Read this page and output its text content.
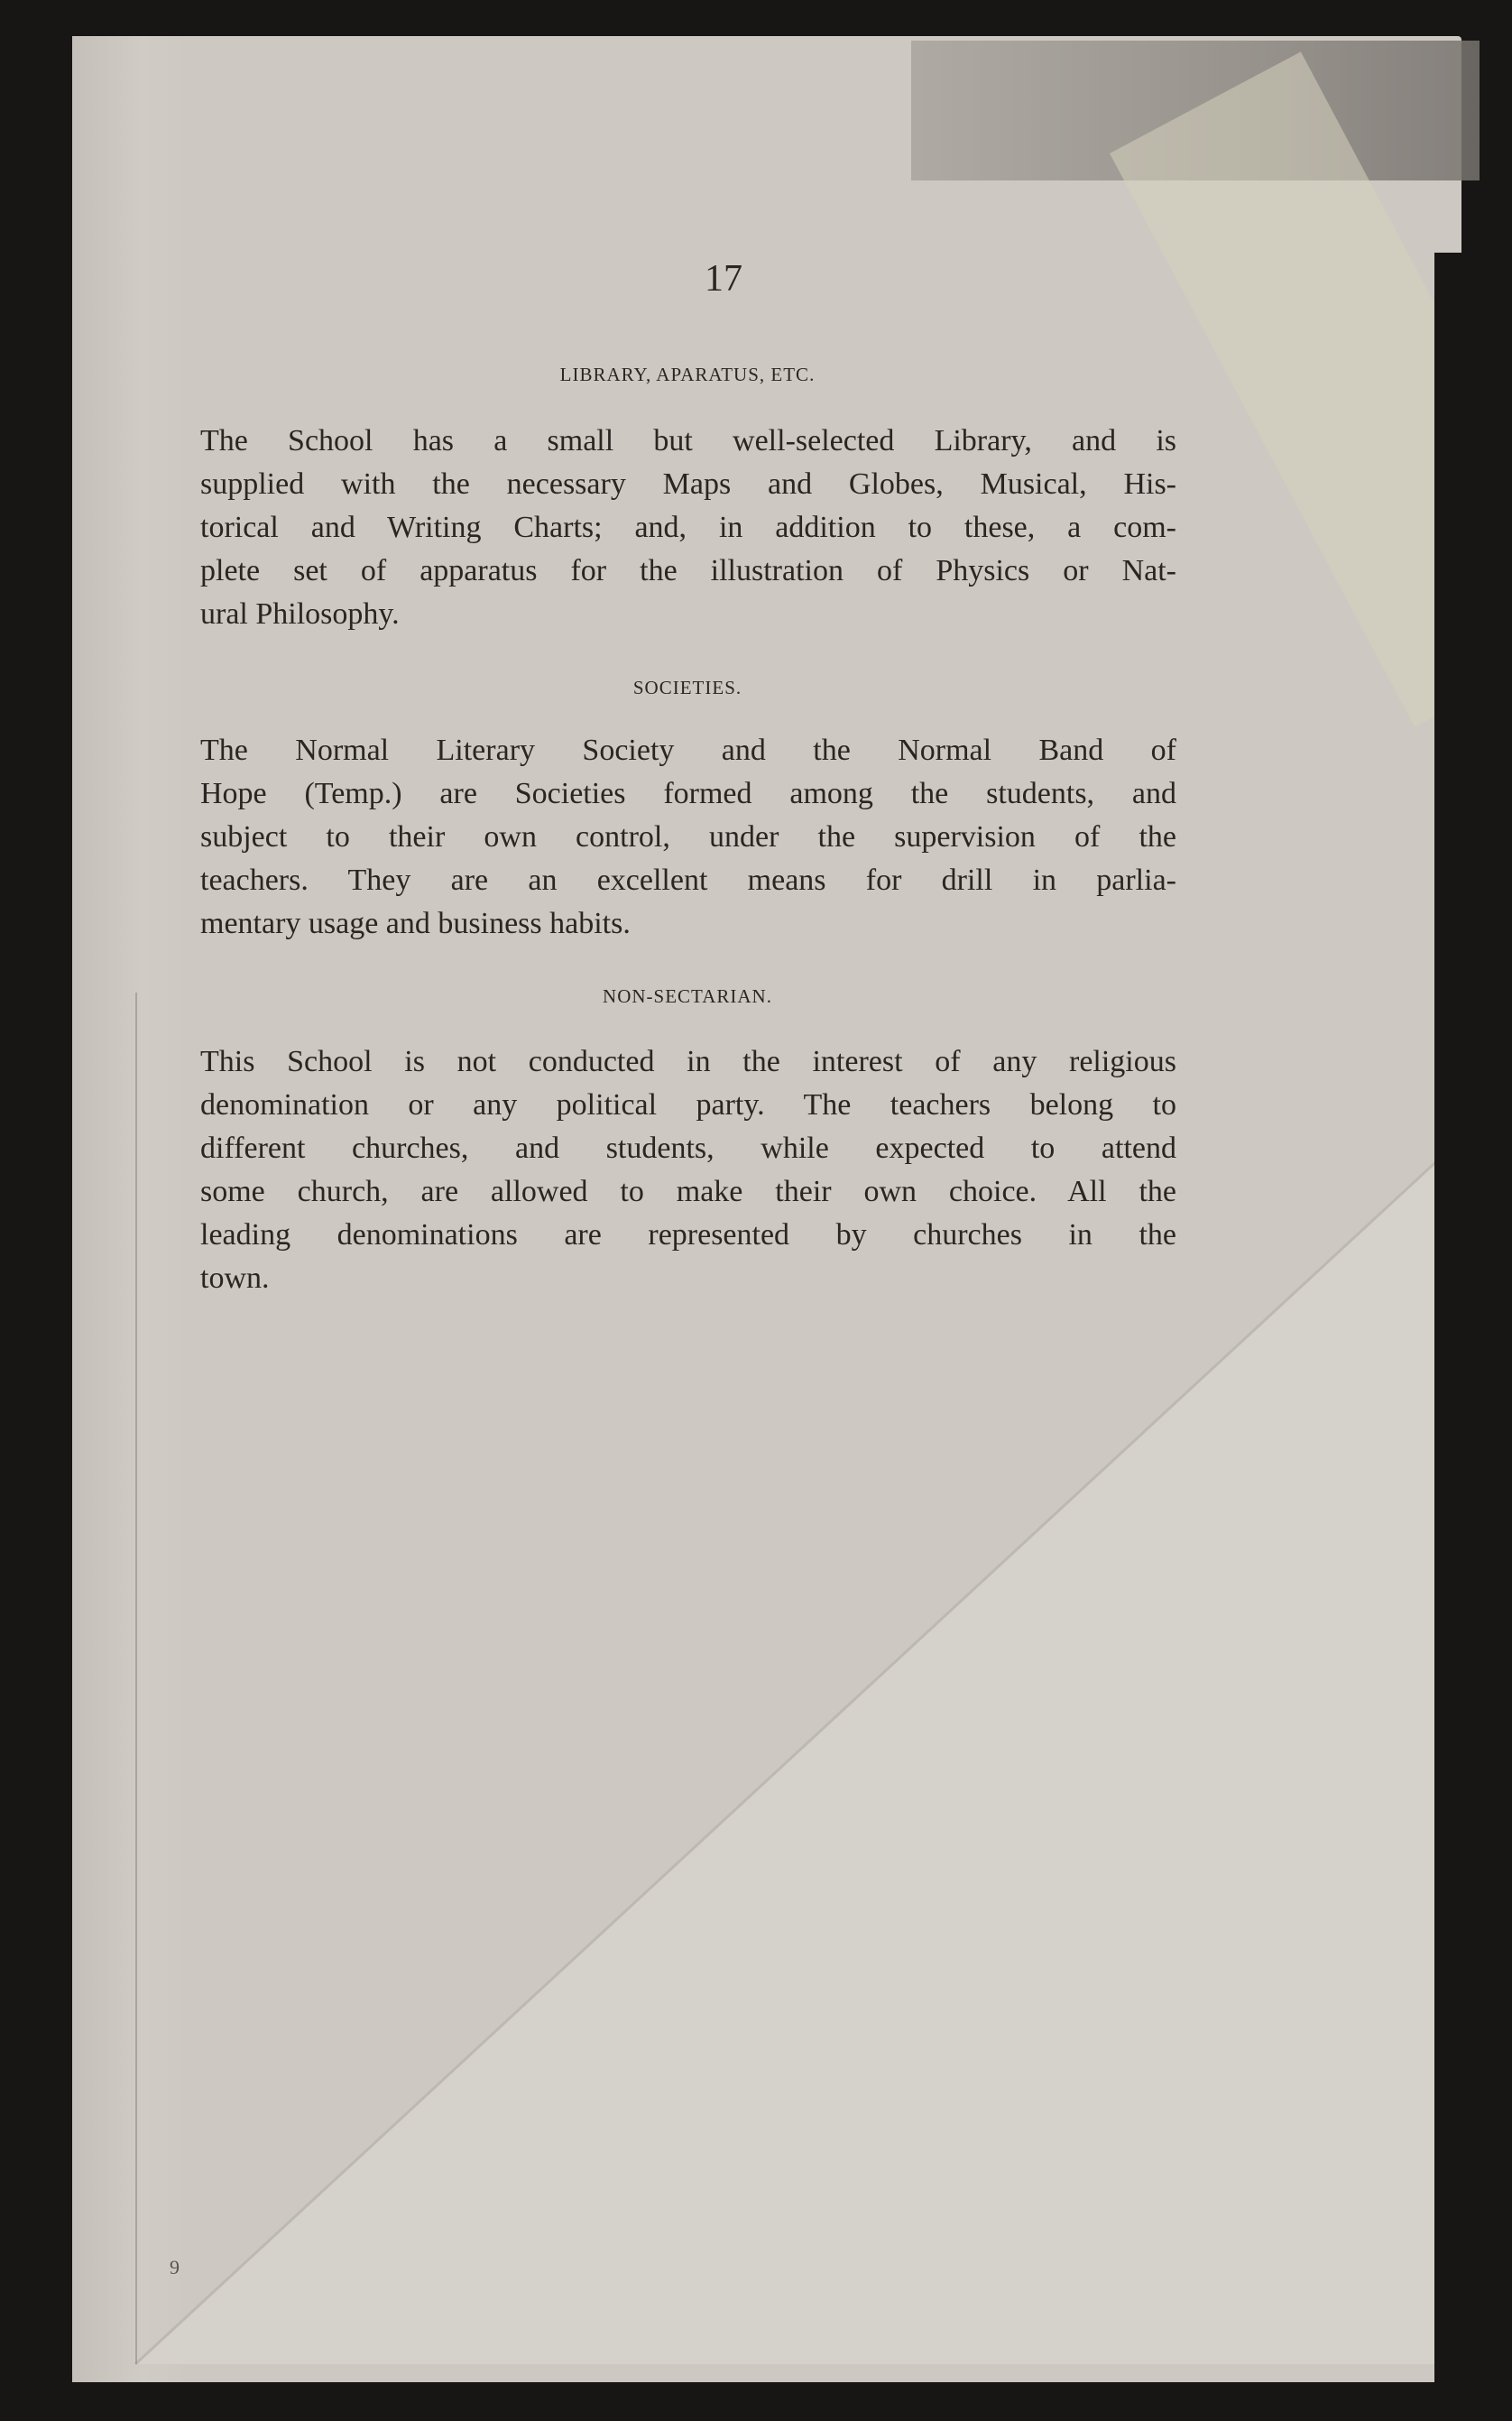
17
LIBRARY, APARATUS, ETC.
The School has a small but well-selected Library, and is
supplied with the necessary Maps and Globes, Musical, His-
torical and Writing Charts; and, in addition to these, a com-
plete set of apparatus for the illustration of Physics or Nat-
ural Philosophy.
SOCIETIES.
The Normal Literary Society and the Normal Band of
Hope (Temp.) are Societies formed among the students, and
subject to their own control, under the supervision of the
teachers. They are an excellent means for drill in parlia-
mentary usage and business habits.
NON-SECTARIAN.
This School is not conducted in the interest of any religious
denomination or any political party. The teachers belong to
different churches, and students, while expected to attend
some church, are allowed to make their own choice. All the
leading denominations are represented by churches in the
town.
9
